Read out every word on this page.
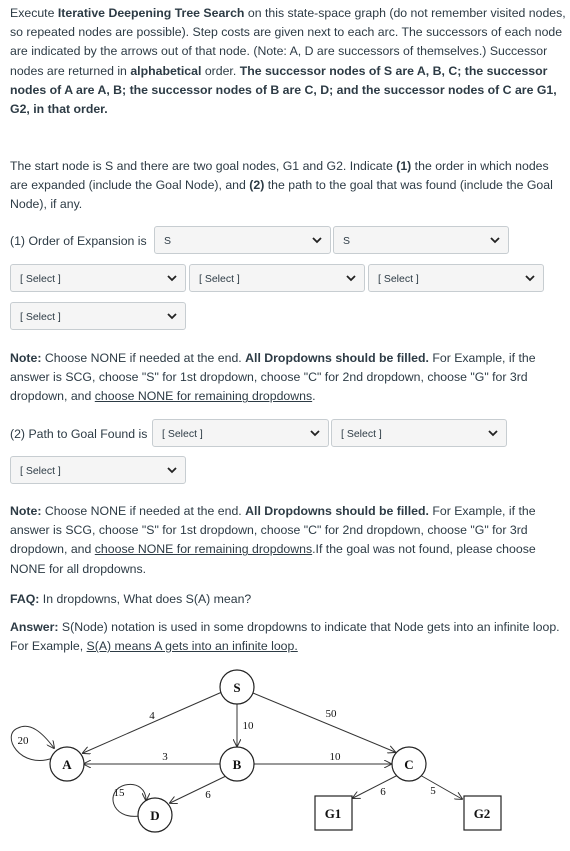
Execute Iterative Deepening Tree Search on this state-space graph (do not remember visited nodes, so repeated nodes are possible). Step costs are given next to each arc. The successors of each node are indicated by the arrows out of that node. (Note: A, D are successors of themselves.) Successor nodes are returned in alphabetical order. The successor nodes of S are A, B, C; the successor nodes of A are A, B; the successor nodes of B are C, D; and the successor nodes of C are G1, G2, in that order.

The start node is S and there are two goal nodes, G1 and G2. Indicate (1) the order in which nodes are expanded (include the Goal Node), and (2) the path to the goal that was found (include the Goal Node), if any.

(1) Order of Expansion is S	S
[ Select ]	[ Select ]	[ Select ]
[ Select ]

Note: Choose NONE if needed at the end. All Dropdowns should be filled. For Example, if the answer is SCG, choose "S" for 1st dropdown, choose "C" for 2nd dropdown, choose "G" for 3rd dropdown, and choose NONE for remaining dropdowns.

(2) Path to Goal Found is [ Select ]	[ Select ]
[ Select ]

Note: Choose NONE if needed at the end. All Dropdowns should be filled. For Example, if the answer is SCG, choose "S" for 1st dropdown, choose "C" for 2nd dropdown, choose "G" for 3rd dropdown, and choose NONE for remaining dropdowns.If the goal was not found, please choose NONE for all dropdowns.

FAQ: In dropdowns, What does S(A) mean?

Answer: S(Node) notation is used in some dropdowns to indicate that Node gets into an infinite loop. For Example, S(A) means A gets into an infinite loop.

S
A	B	C
D	G1	G2
20
4
10
50
3	10
15	6	6	5
